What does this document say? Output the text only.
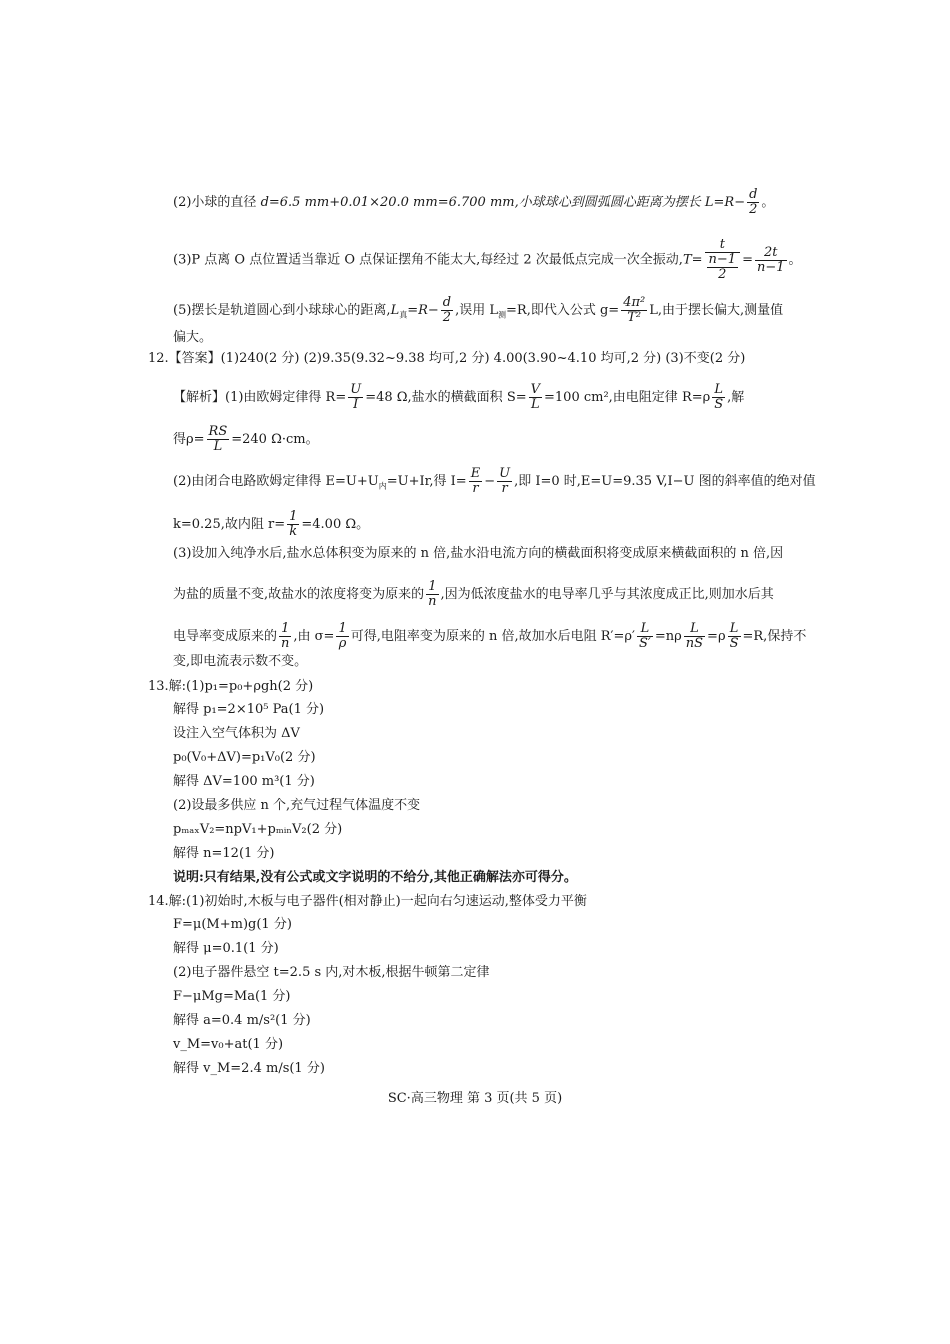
(2)小球的直径 d=6.5 mm+0.01×20.0 mm=6.700 mm,小球球心到圆弧圆心距离为摆长 $L=R- \frac{d}{2}$ 。
(3)P 点离 O 点位置适当靠近 O 点保证摆角不能太大,每经过 2 次最低点完成一次全振动$,T= \frac{t}{\frac{n-1}{2}} = \frac{2t}{n-1}$ 。
(5)摆长是轨道圆心到小球球心的距离$,L_真=R- \frac{d}{2}$ ,误用 $L_测=R$,即代入公式 $g= \frac{\text{4π²}}{\text{T²}} L$,由于摆长偏大,测量值
偏大。
12.【答案】(1)240(2 分) (2)9.35(9.32~9.38 均可,2 分) 4.00(3.90~4.10 均可,2 分) (3)不变(2 分)
【解析】(1)由欧姆定律得 $R= \frac{U}{I} =48$ Ω,盐水的横截面积 $S= \frac{V}{L} =100$ cm²,由电阻定律 $R=\rho \frac{L}{S}$ ,解
得$\rho= \frac{RS}{L} =240$ Ω·cm。
(2)由闭合电路欧姆定律得 $E=U+U_内=U+Ir$,得 $I= \frac{E}{r} - \frac{U}{r}$ ,即 I=0 时,E=U=9.35 V,I−U 图的斜率值的绝对值
k=0.25,故内阻 $r= \frac{1}{k} =4.00$ Ω。
(3)设加入纯净水后,盐水总体积变为原来的 n 倍,盐水沿电流方向的横截面积将变成原来横截面积的 n 倍,因
为盐的质量不变,故盐水的浓度将变为原来的 $\frac{1}{n}$ ,因为低浓度盐水的电导率几乎与其浓度成正比,则加水后其
电导率变成原来的 $\frac{1}{n}$ ,由 $\sigma= \frac{1}{\rho}$ 可得,电阻率变为原来的 n 倍,故加水后电阻 $R'=\rho' \frac{L}{S'} =n\rho \frac{L}{nS} =\rho \frac{L}{S} =R$,保持不
变,即电流表示数不变。
13.解:(1)p₁=p₀+ρgh(2 分)
解得 p₁=2×10⁵ Pa(1 分)
设注入空气体积为 ΔV
p₀(V₀+ΔV)=p₁V₀(2 分)
解得 ΔV=100 m³(1 分)
(2)设最多供应 n 个,充气过程气体温度不变
pₘₐₓV₂=npV₁+pₘᵢₙV₂(2 分)
解得 n=12(1 分)
说明:只有结果,没有公式或文字说明的不给分,其他正确解法亦可得分。
14.解:(1)初始时,木板与电子器件(相对静止)一起向右匀速运动,整体受力平衡
F=μ(M+m)g(1 分)
解得 μ=0.1(1 分)
(2)电子器件悬空 t=2.5 s 内,对木板,根据牛顿第二定律
F−μMg=Ma(1 分)
解得 a=0.4 m/s²(1 分)
v_M=v₀+at(1 分)
解得 v_M=2.4 m/s(1 分)
SC·高三物理 第 3 页(共 5 页)
